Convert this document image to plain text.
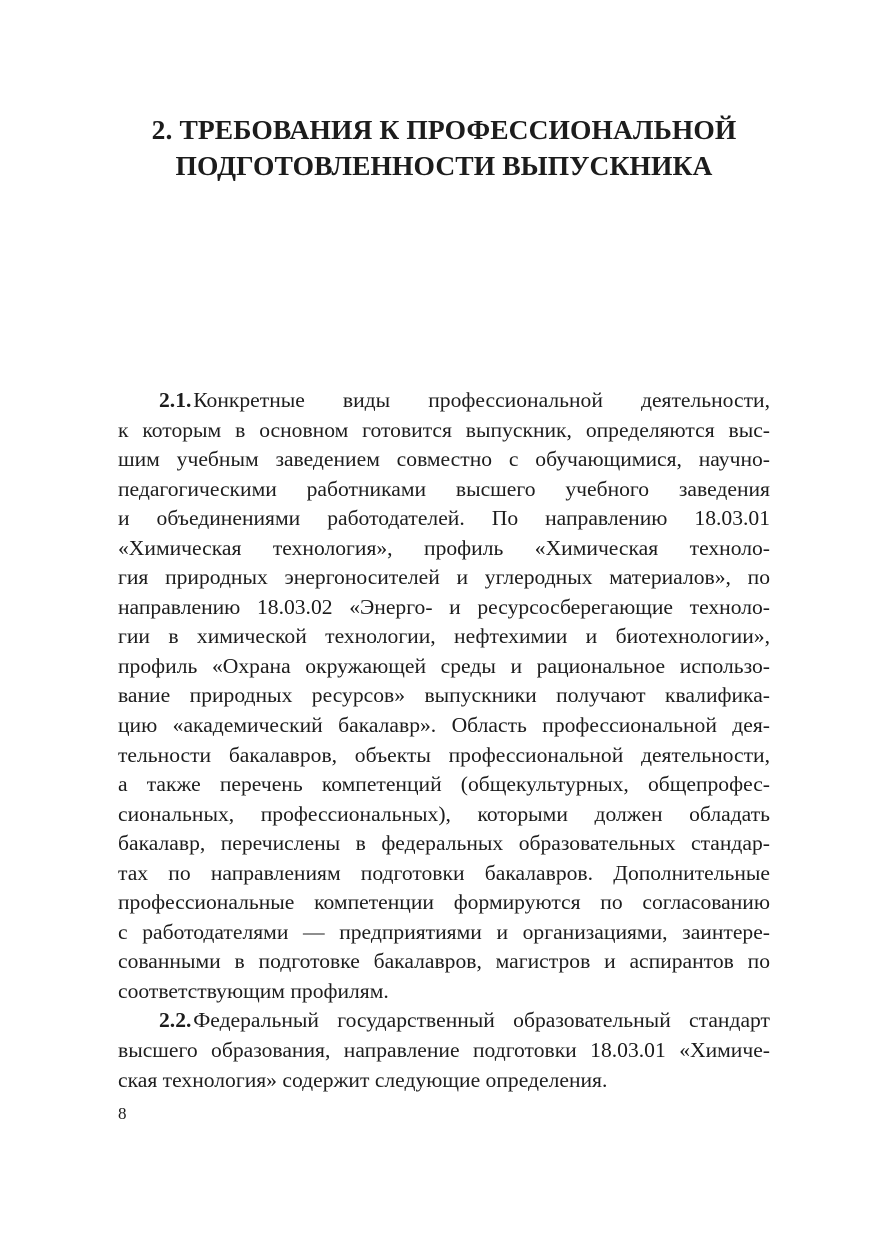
2. ТРЕБОВАНИЯ К ПРОФЕССИОНАЛЬНОЙ
ПОДГОТОВЛЕННОСТИ ВЫПУСКНИКА
2.1. Конкретные виды профессиональной деятельности,
к которым в основном готовится выпускник, определяются выс-
шим учебным заведением совместно с обучающимися, научно-
педагогическими работниками высшего учебного заведения
и объединениями работодателей. По направлению 18.03.01
«Химическая технология», профиль «Химическая техноло-
гия природных энергоносителей и углеродных материалов», по
направлению 18.03.02 «Энерго- и ресурсосберегающие техноло-
гии в химической технологии, нефтехимии и биотехнологии»,
профиль «Охрана окружающей среды и рациональное использо-
вание природных ресурсов» выпускники получают квалифика-
цию «академический бакалавр». Область профессиональной дея-
тельности бакалавров, объекты профессиональной деятельности,
а также перечень компетенций (общекультурных, общепрофес-
сиональных, профессиональных), которыми должен обладать
бакалавр, перечислены в федеральных образовательных стандар-
тах по направлениям подготовки бакалавров. Дополнительные
профессиональные компетенции формируются по согласованию
с работодателями — предприятиями и организациями, заинтере-
сованными в подготовке бакалавров, магистров и аспирантов по
соответствующим профилям.
2.2. Федеральный государственный образовательный стандарт
высшего образования, направление подготовки 18.03.01 «Химиче-
ская технология» содержит следующие определения.
8
